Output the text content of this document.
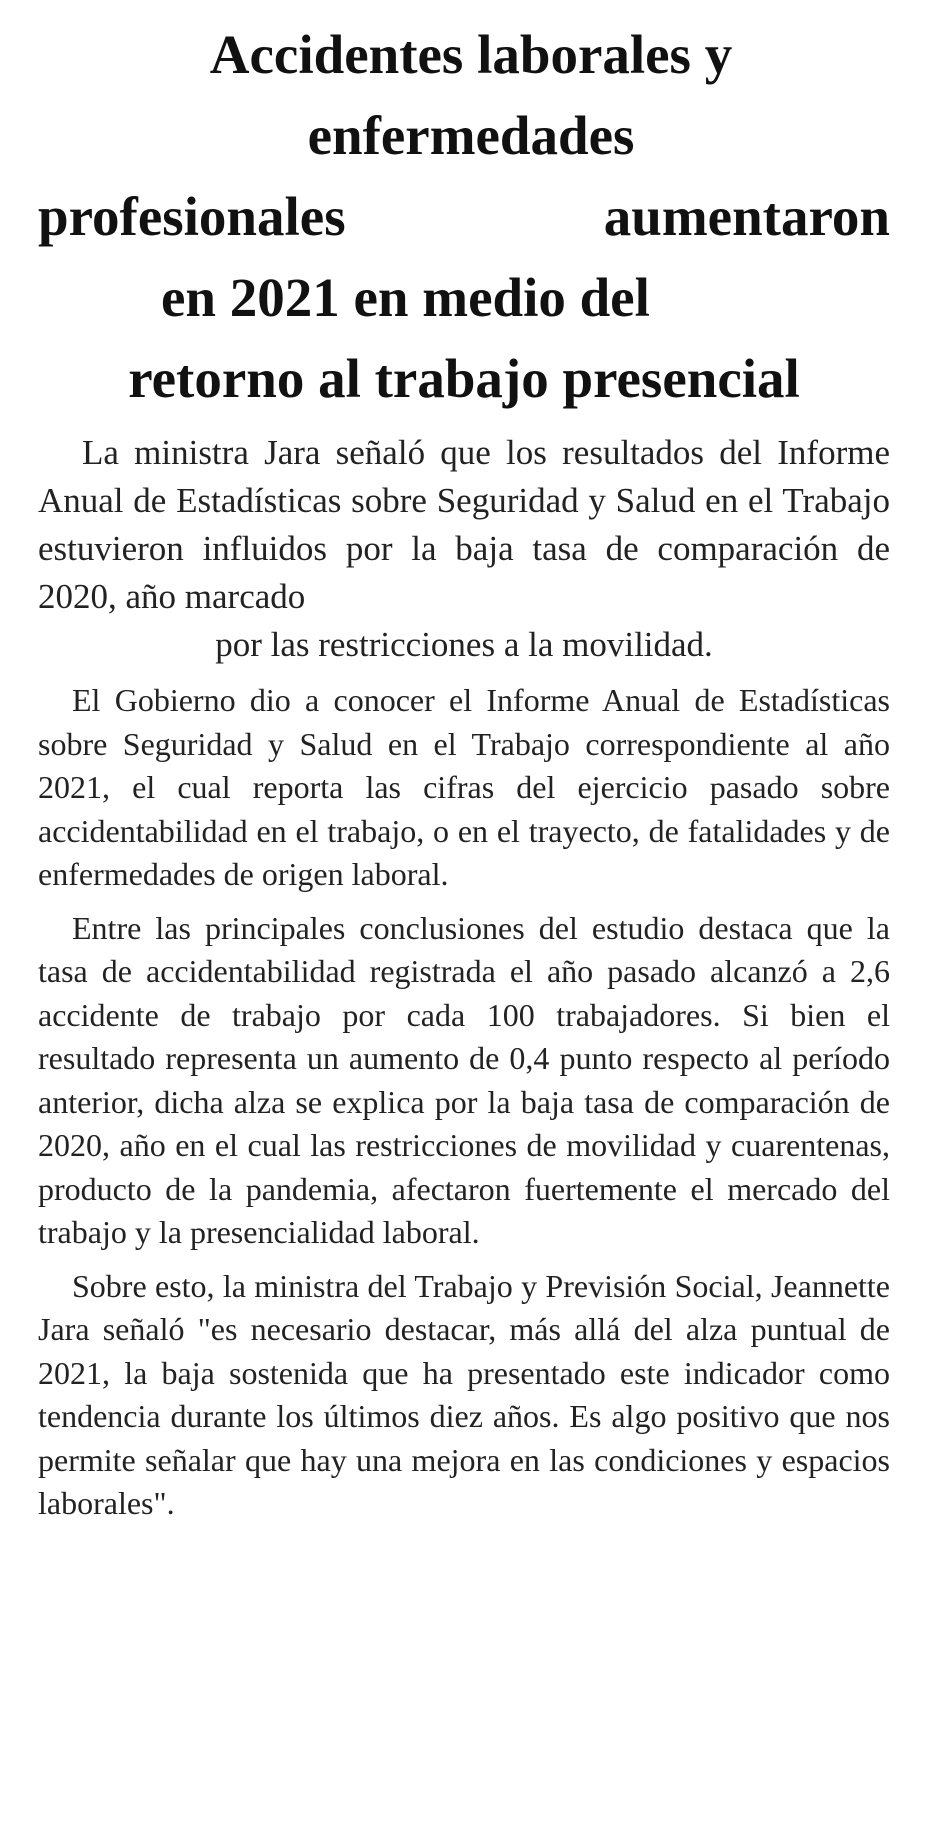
Accidentes laborales y
enfermedades
profesionales aumentaron
en 2021 en medio del
retorno al trabajo presencial

La ministra Jara señaló que los resultados del Informe Anual de Estadísticas sobre Seguridad y Salud en el Trabajo estuvieron influidos por la baja tasa de comparación de 2020, año marcado
por las restricciones a la movilidad.

El Gobierno dio a conocer el Informe Anual de Estadísticas sobre Seguridad y Salud en el Trabajo correspondiente al año 2021, el cual reporta las cifras del ejercicio pasado sobre accidentabilidad en el trabajo, o en el trayecto, de fatalidades y de enfermedades de origen laboral.

Entre las principales conclusiones del estudio destaca que la tasa de accidentabilidad registrada el año pasado alcanzó a 2,6 accidente de trabajo por cada 100 trabajadores. Si bien el resultado representa un aumento de 0,4 punto respecto al período anterior, dicha alza se explica por la baja tasa de comparación de 2020, año en el cual las restricciones de movilidad y cuarentenas, producto de la pandemia, afectaron fuertemente el mercado del trabajo y la presencialidad laboral.

Sobre esto, la ministra del Trabajo y Previsión Social, Jeannette Jara señaló "es necesario destacar, más allá del alza puntual de 2021, la baja sostenida que ha presentado este indicador como tendencia durante los últimos diez años. Es algo positivo que nos permite señalar que hay una mejora en las condiciones y espacios laborales".
